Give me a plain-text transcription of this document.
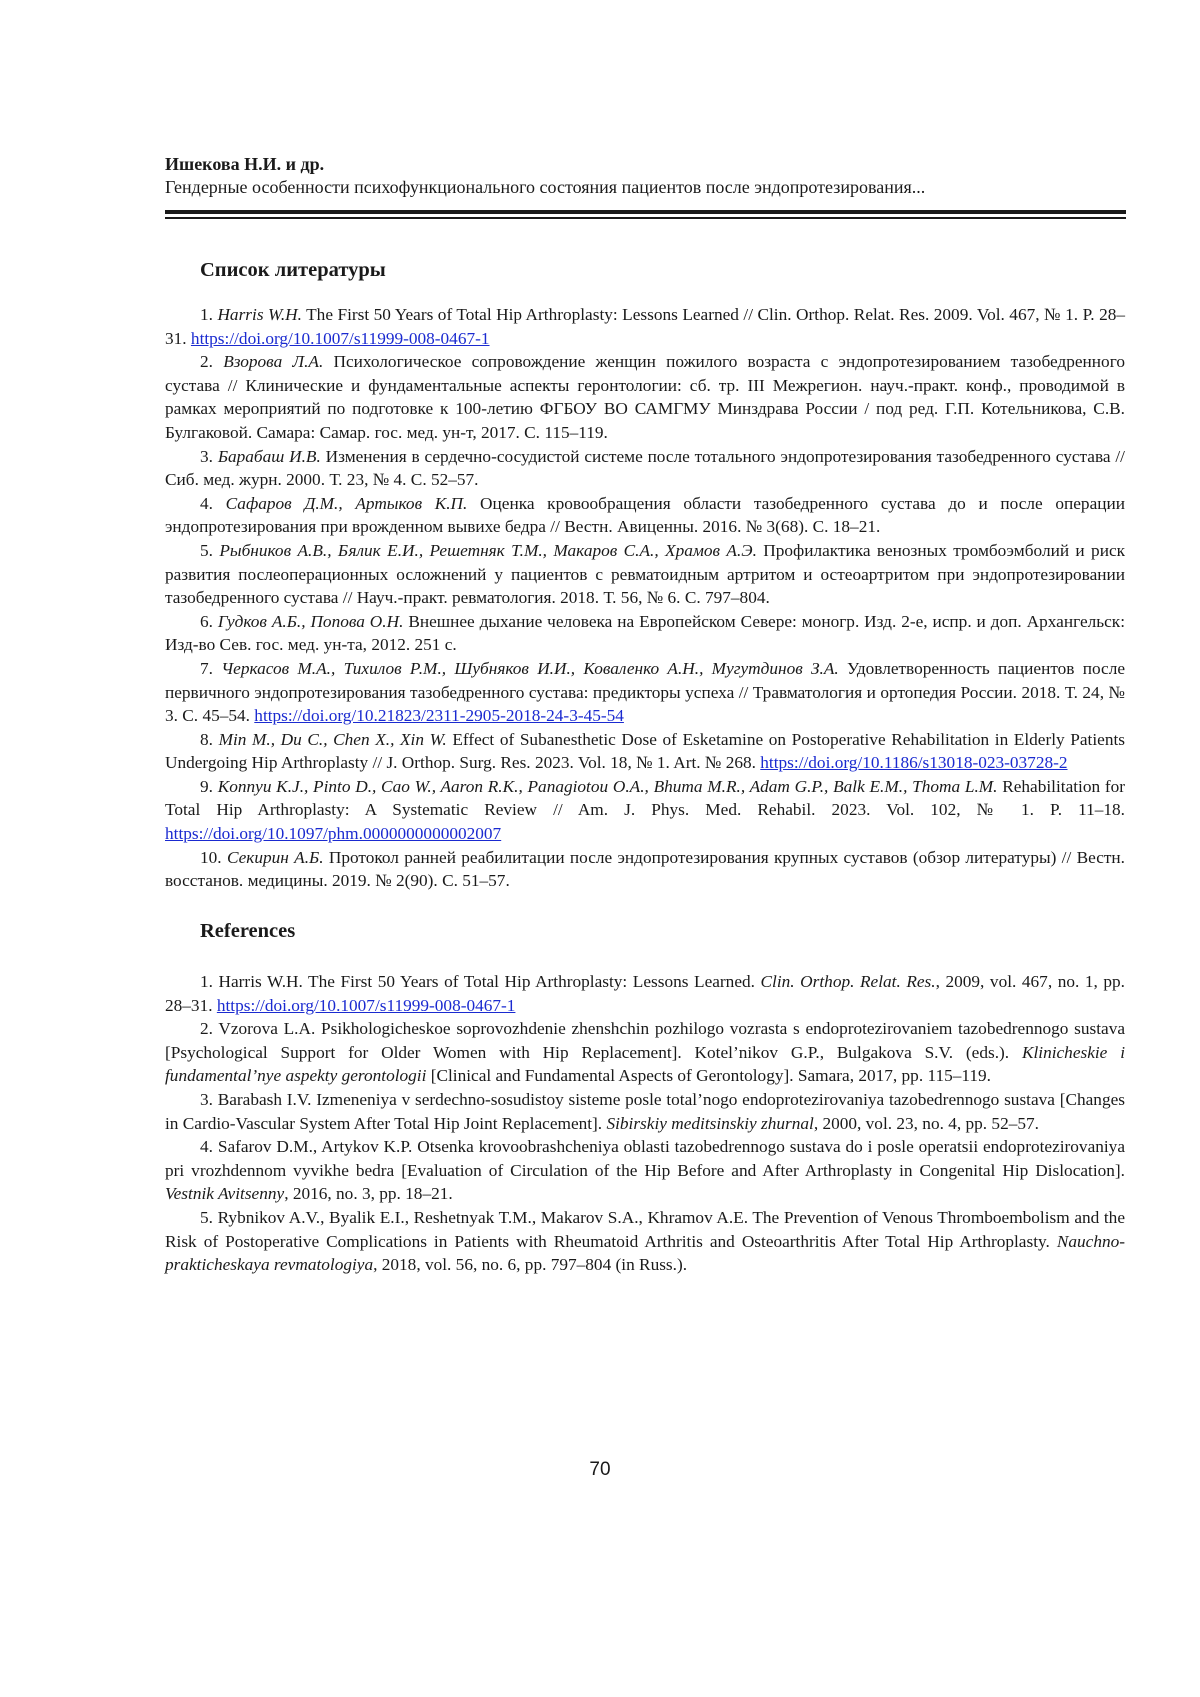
Ишекова Н.И. и др.
Гендерные особенности психофункционального состояния пациентов после эндопротезирования...
Список литературы

1. Harris W.H. The First 50 Years of Total Hip Arthroplasty: Lessons Learned // Clin. Orthop. Relat. Res. 2009. Vol. 467, № 1. P. 28–31. https://doi.org/10.1007/s11999-008-0467-1

2. Взорова Л.А. Психологическое сопровождение женщин пожилого возраста с эндопротезированием тазобедренного сустава // Клинические и фундаментальные аспекты геронтологии: сб. тр. III Межрегион. науч.-практ. конф., проводимой в рамках мероприятий по подготовке к 100-летию ФГБОУ ВО САМГМУ Минздрава России / под ред. Г.П. Котельникова, С.В. Булгаковой. Самара: Самар. гос. мед. ун-т, 2017. С. 115–119.

3. Барабаш И.В. Изменения в сердечно-сосудистой системе после тотального эндопротезирования тазобедренного сустава // Сиб. мед. журн. 2000. Т. 23, № 4. С. 52–57.

4. Сафаров Д.М., Артыков К.П. Оценка кровообращения области тазобедренного сустава до и после операции эндопротезирования при врожденном вывихе бедра // Вестн. Авиценны. 2016. № 3(68). С. 18–21.

5. Рыбников А.В., Бялик Е.И., Решетняк Т.М., Макаров С.А., Храмов А.Э. Профилактика венозных тромбоэмболий и риск развития послеоперационных осложнений у пациентов с ревматоидным артритом и остеоартритом при эндопротезировании тазобедренного сустава // Науч.-практ. ревматология. 2018. Т. 56, № 6. С. 797–804.

6. Гудков А.Б., Попова О.Н. Внешнее дыхание человека на Европейском Севере: моногр. Изд. 2-е, испр. и доп. Архангельск: Изд-во Сев. гос. мед. ун-та, 2012. 251 с.

7. Черкасов М.А., Тихилов Р.М., Шубняков И.И., Коваленко А.Н., Мугутдинов З.А. Удовлетворенность пациентов после первичного эндопротезирования тазобедренного сустава: предикторы успеха // Травматология и ортопедия России. 2018. Т. 24, № 3. С. 45–54. https://doi.org/10.21823/2311-2905-2018-24-3-45-54

8. Min M., Du C., Chen X., Xin W. Effect of Subanesthetic Dose of Esketamine on Postoperative Rehabilitation in Elderly Patients Undergoing Hip Arthroplasty // J. Orthop. Surg. Res. 2023. Vol. 18, № 1. Art. № 268. https://doi.org/10.1186/s13018-023-03728-2

9. Konnyu K.J., Pinto D., Cao W., Aaron R.K., Panagiotou O.A., Bhuma M.R., Adam G.P., Balk E.M., Thoma L.M. Rehabilitation for Total Hip Arthroplasty: A Systematic Review // Am. J. Phys. Med. Rehabil. 2023. Vol. 102, № 1. P. 11–18. https://doi.org/10.1097/phm.0000000000002007

10. Секирин А.Б. Протокол ранней реабилитации после эндопротезирования крупных суставов (обзор литературы) // Вестн. восстанов. медицины. 2019. № 2(90). С. 51–57.

References

1. Harris W.H. The First 50 Years of Total Hip Arthroplasty: Lessons Learned. Clin. Orthop. Relat. Res., 2009, vol. 467, no. 1, pp. 28–31. https://doi.org/10.1007/s11999-008-0467-1

2. Vzorova L.A. Psikhologicheskoe soprovozhdenie zhenshchin pozhilogo vozrasta s endoprotezirovaniem tazobedrennogo sustava [Psychological Support for Older Women with Hip Replacement]. Kotel’nikov G.P., Bulgakova S.V. (eds.). Klinicheskie i fundamental’nye aspekty gerontologii [Clinical and Fundamental Aspects of Gerontology]. Samara, 2017, pp. 115–119.

3. Barabash I.V. Izmeneniya v serdechno-sosudistoy sisteme posle total’nogo endoprotezirovaniya tazobedrennogo sustava [Changes in Cardio-Vascular System After Total Hip Joint Replacement]. Sibirskiy meditsinskiy zhurnal, 2000, vol. 23, no. 4, pp. 52–57.

4. Safarov D.M., Artykov K.P. Otsenka krovoobrashcheniya oblasti tazobedrennogo sustava do i posle operatsii endoprotezirovaniya pri vrozhdennom vyvikhe bedra [Evaluation of Circulation of the Hip Before and After Arthroplasty in Congenital Hip Dislocation]. Vestnik Avitsenny, 2016, no. 3, pp. 18–21.

5. Rybnikov A.V., Byalik E.I., Reshetnyak T.M., Makarov S.A., Khramov A.E. The Prevention of Venous Thromboembolism and the Risk of Postoperative Complications in Patients with Rheumatoid Arthritis and Osteoarthritis After Total Hip Arthroplasty. Nauchno-prakticheskaya revmatologiya, 2018, vol. 56, no. 6, pp. 797–804 (in Russ.).

70
